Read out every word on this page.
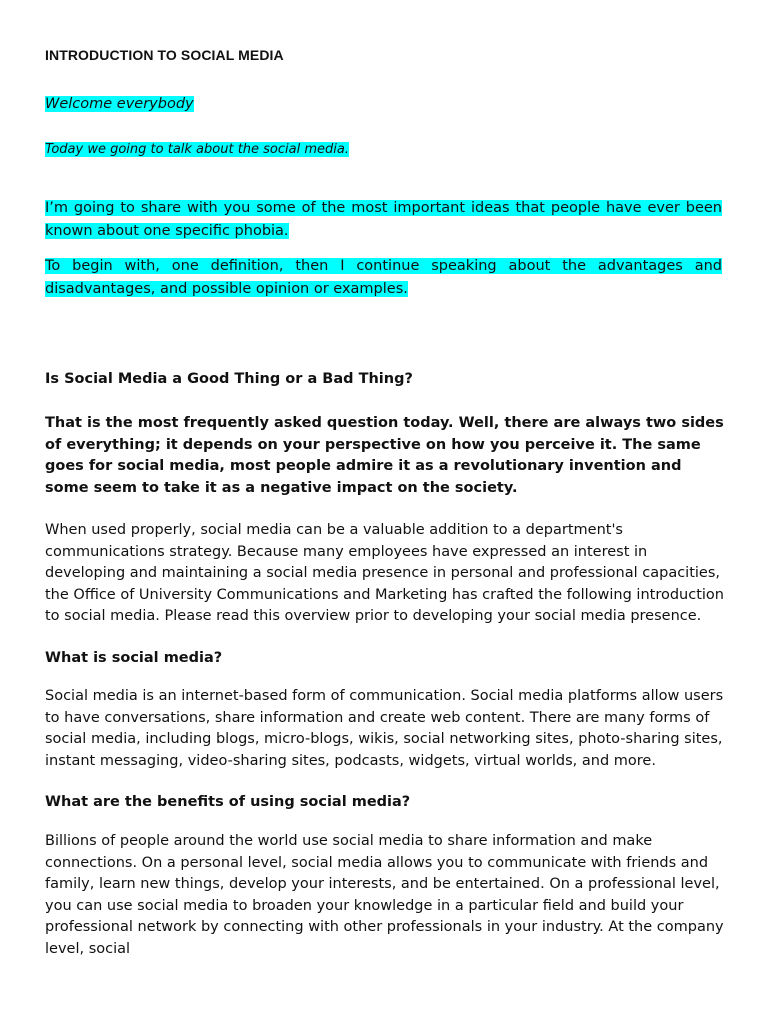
INTRODUCTION TO SOCIAL MEDIA

Welcome everybody

Today we going to talk about the social media.

I’m going to share with you some of the most important ideas that people have ever been known about one specific phobia.

To begin with, one definition, then I continue speaking about the advantages and disadvantages, and possible opinion or examples.

Is Social Media a Good Thing or a Bad Thing?

That is the most frequently asked question today. Well, there are always two sides of everything; it depends on your perspective on how you perceive it. The same goes for social media, most people admire it as a revolutionary invention and some seem to take it as a negative impact on the society.

When used properly, social media can be a valuable addition to a department's communications strategy. Because many employees have expressed an interest in developing and maintaining a social media presence in personal and professional capacities, the Office of University Communications and Marketing has crafted the following introduction to social media. Please read this overview prior to developing your social media presence.

What is social media?

Social media is an internet-based form of communication. Social media platforms allow users to have conversations, share information and create web content. There are many forms of social media, including blogs, micro-blogs, wikis, social networking sites, photo-sharing sites, instant messaging, video-sharing sites, podcasts, widgets, virtual worlds, and more.

What are the benefits of using social media?

Billions of people around the world use social media to share information and make connections. On a personal level, social media allows you to communicate with friends and family, learn new things, develop your interests, and be entertained. On a professional level, you can use social media to broaden your knowledge in a particular field and build your professional network by connecting with other professionals in your industry. At the company level, social
